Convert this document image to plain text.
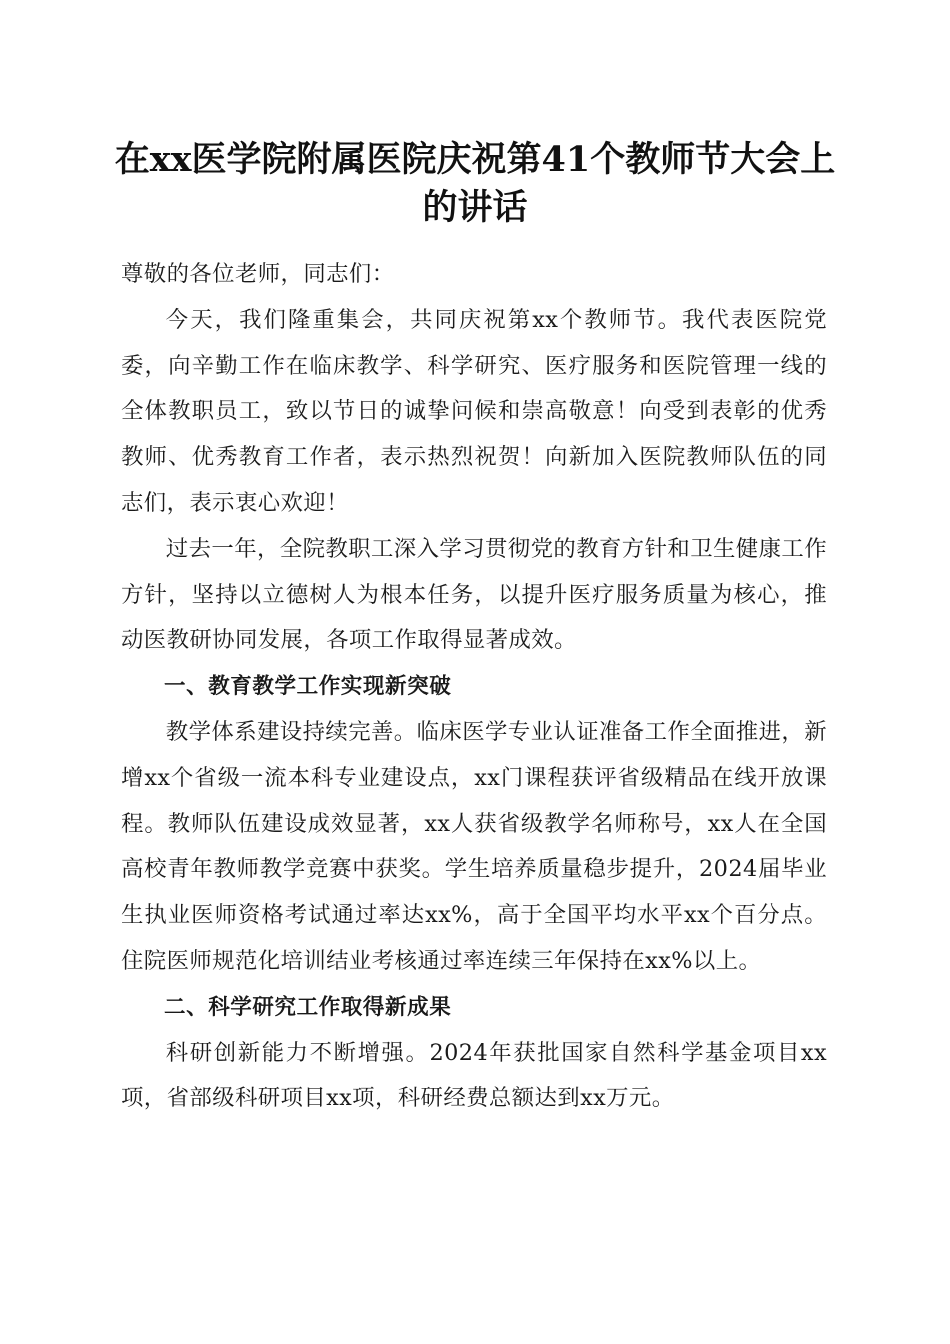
在xx医学院附属医院庆祝第41个教师节大会上的讲话

尊敬的各位老师，同志们：

今天，我们隆重集会，共同庆祝第xx个教师节。我代表医院党委，向辛勤工作在临床教学、科学研究、医疗服务和医院管理一线的全体教职员工，致以节日的诚挚问候和崇高敬意！向受到表彰的优秀教师、优秀教育工作者，表示热烈祝贺！向新加入医院教师队伍的同志们，表示衷心欢迎！

过去一年，全院教职工深入学习贯彻党的教育方针和卫生健康工作方针，坚持以立德树人为根本任务，以提升医疗服务质量为核心，推动医教研协同发展，各项工作取得显著成效。

一、教育教学工作实现新突破

教学体系建设持续完善。临床医学专业认证准备工作全面推进，新增xx个省级一流本科专业建设点，xx门课程获评省级精品在线开放课程。教师队伍建设成效显著，xx人获省级教学名师称号，xx人在全国高校青年教师教学竞赛中获奖。学生培养质量稳步提升，2024届毕业生执业医师资格考试通过率达xx%，高于全国平均水平xx个百分点。住院医师规范化培训结业考核通过率连续三年保持在xx%以上。

二、科学研究工作取得新成果

科研创新能力不断增强。2024年获批国家自然科学基金项目xx项，省部级科研项目xx项，科研经费总额达到xx万元。
